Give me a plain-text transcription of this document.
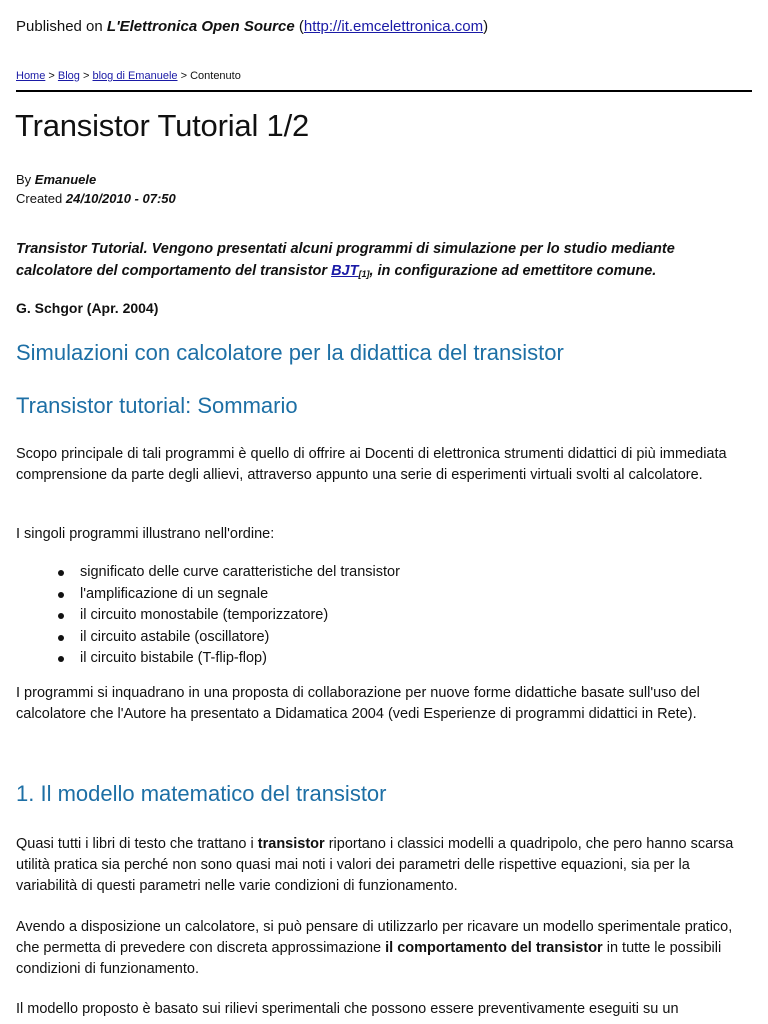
Published on L'Elettronica Open Source (http://it.emcelettronica.com)
Home > Blog > blog di Emanuele > Contenuto
Transistor Tutorial 1/2
By Emanuele
Created 24/10/2010 - 07:50

Transistor Tutorial. Vengono presentati alcuni programmi di simulazione per lo studio mediante calcolatore del comportamento del transistor BJT[1], in configurazione ad emettitore comune.

G. Schgor (Apr. 2004)
Simulazioni con calcolatore per la didattica del transistor
Transistor tutorial: Sommario

Scopo principale di tali programmi è quello di offrire ai Docenti di elettronica strumenti didattici di più immediata comprensione da parte degli allievi, attraverso appunto una serie di esperimenti virtuali svolti al calcolatore.

I singoli programmi illustrano nell'ordine:

significato delle curve caratteristiche del transistor
l'amplificazione di un segnale
il circuito monostabile (temporizzatore)
il circuito astabile (oscillatore)
il circuito bistabile (T-flip-flop)

I programmi si inquadrano in una proposta di collaborazione per nuove forme didattiche basate sull'uso del calcolatore che l'Autore ha presentato a Didamatica 2004 (vedi Esperienze di programmi didattici in Rete).

1. Il modello matematico del transistor

Quasi tutti i libri di testo che trattano i transistor riportano i classici modelli a quadripolo, che pero hanno scarsa utilità pratica sia perché non sono quasi mai noti i valori dei parametri delle rispettive equazioni, sia per la variabilità di questi parametri nelle varie condizioni di funzionamento.

Avendo a disposizione un calcolatore, si può pensare di utilizzarlo per ricavare un modello sperimentale pratico, che permetta di prevedere con discreta approssimazione il comportamento del transistor in tutte le possibili condizioni di funzionamento.

Il modello proposto è basato sui rilievi sperimentali che possono essere preventivamente eseguiti su un
